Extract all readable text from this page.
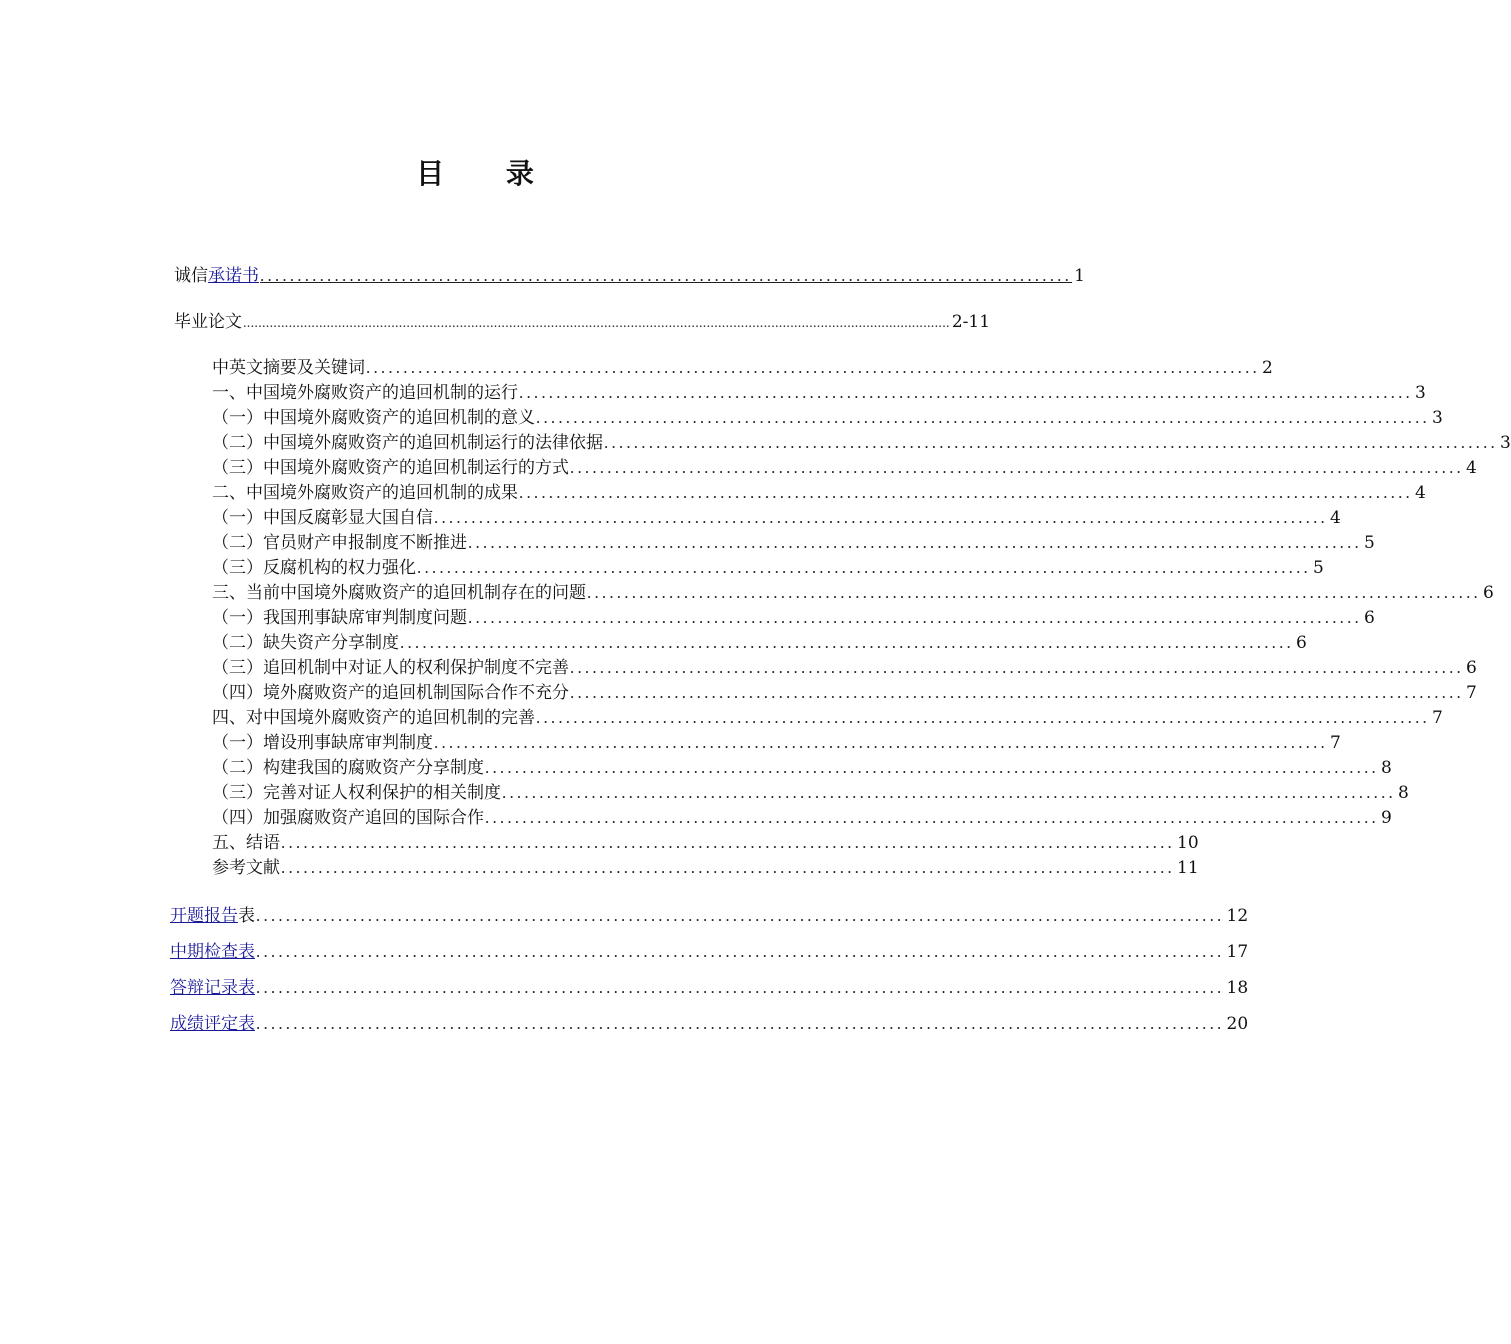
目 录
诚信 承诺书 ............................................................................................................. 1
毕业论文 .......................................................................................................................................................................................... 2-11
中英文摘要及关键词 ........................................................................................................................ 2
一、中国境外腐败资产的追回机制的运行 ........................................................................................................................ 3
（一）中国境外腐败资产的追回机制的意义 ........................................................................................................................ 3
（二）中国境外腐败资产的追回机制运行的法律依据 ........................................................................................................................ 3
（三）中国境外腐败资产的追回机制运行的方式 ........................................................................................................................ 4
二、中国境外腐败资产的追回机制的成果 ........................................................................................................................ 4
（一）中国反腐彰显大国自信 ........................................................................................................................ 4
（二）官员财产申报制度不断推进 ........................................................................................................................ 5
（三）反腐机构的权力强化 ........................................................................................................................ 5
三、当前中国境外腐败资产的追回机制存在的问题 ........................................................................................................................ 6
（一）我国刑事缺席审判制度问题 ........................................................................................................................ 6
（二）缺失资产分享制度 ........................................................................................................................ 6
（三）追回机制中对证人的权利保护制度不完善 ........................................................................................................................ 6
（四）境外腐败资产的追回机制国际合作不充分 ........................................................................................................................ 7
四、对中国境外腐败资产的追回机制的完善 ........................................................................................................................ 7
（一）增设刑事缺席审判制度 ........................................................................................................................ 7
（二）构建我国的腐败资产分享制度 ........................................................................................................................ 8
（三）完善对证人权利保护的相关制度 ........................................................................................................................ 8
（四）加强腐败资产追回的国际合作 ........................................................................................................................ 9
五、结语 ........................................................................................................................ 10
参考文献 ........................................................................................................................ 11
开题报告 表 .................................................................................................................................. 12
中期检查表 .................................................................................................................................. 17
答辩记录表 .................................................................................................................................. 18
成绩评定表 .................................................................................................................................. 20
